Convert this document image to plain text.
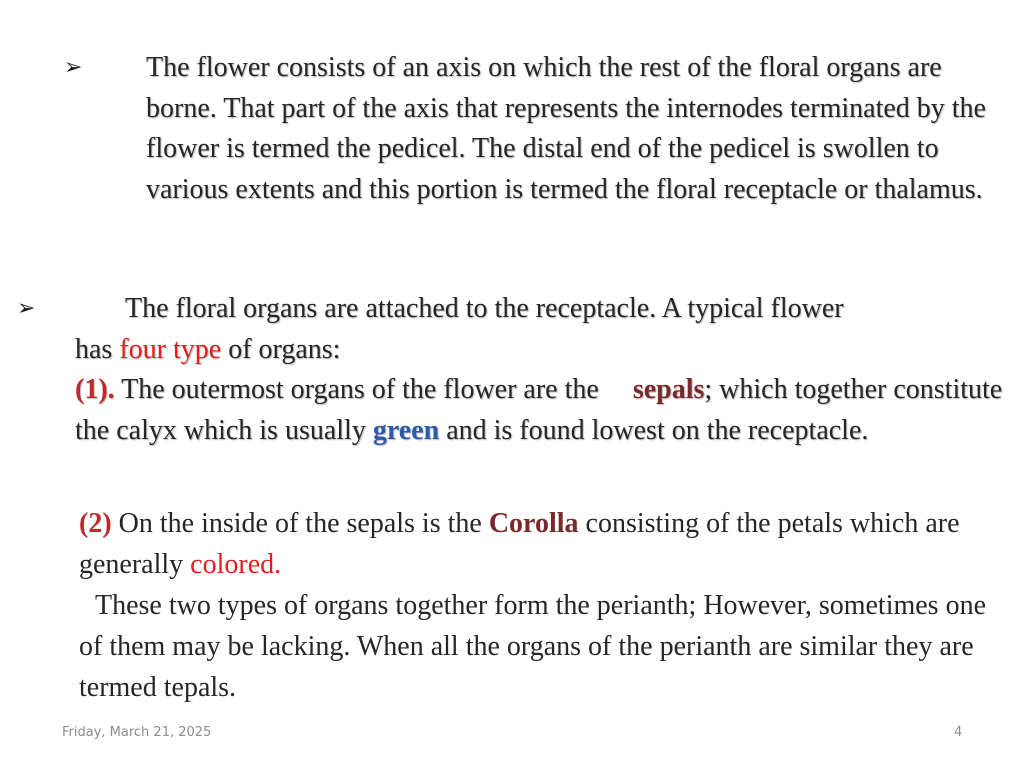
➢ The flower consists of an axis on which the rest of the floral organs are borne. That part of the axis that represents the internodes terminated by the flower is termed the pedicel. The distal end of the pedicel is swollen to various extents and this portion is termed the floral receptacle or thalamus.

➢	The floral organs are attached to the receptacle. A typical flower
has four type of organs:
(1). The outermost organs of the flower are the sepals; which together constitute the calyx which is usually green and is found lowest on the receptacle.

(2) On the inside of the sepals is the Corolla consisting of the petals which are generally colored.
These two types of organs together form the perianth; However, sometimes one of them may be lacking. When all the organs of the perianth are similar they are termed tepals.

Friday, March 21, 2025	4
